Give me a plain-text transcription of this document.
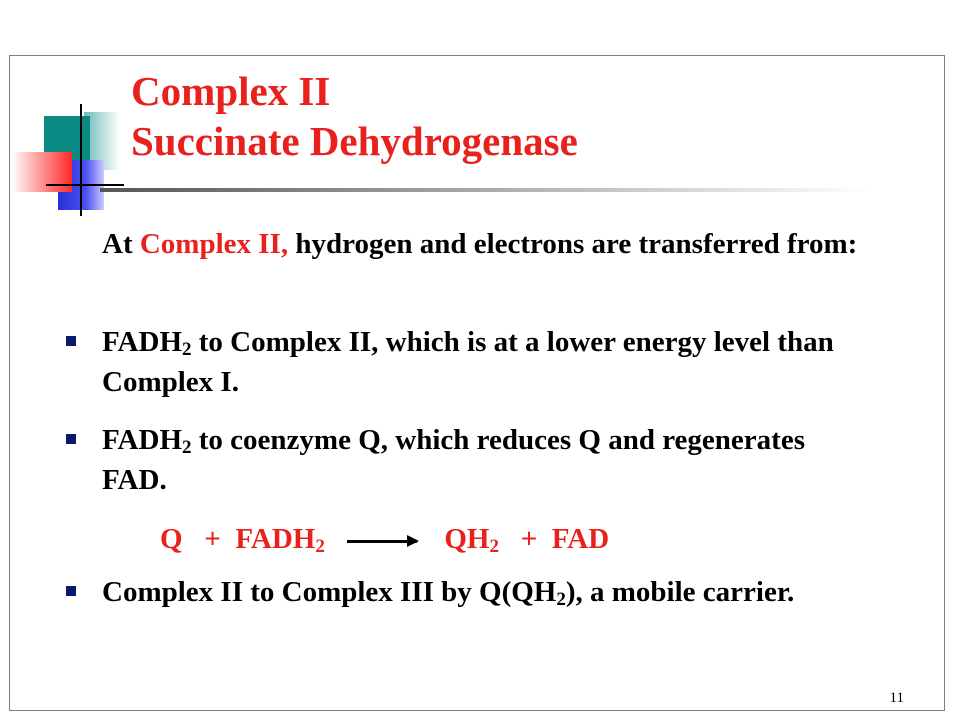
Complex II
Succinate Dehydrogenase
At Complex II, hydrogen and electrons are transferred from:
$FADH_2$ to Complex II, which is at a lower energy level than Complex I.
$FADH_2$ to coenzyme Q, which reduces Q and regenerates FAD.
$Q + FADH_2 \to QH_2$   +  FAD
Complex II to Complex III by $Q(QH_2)$, a mobile carrier.
11
